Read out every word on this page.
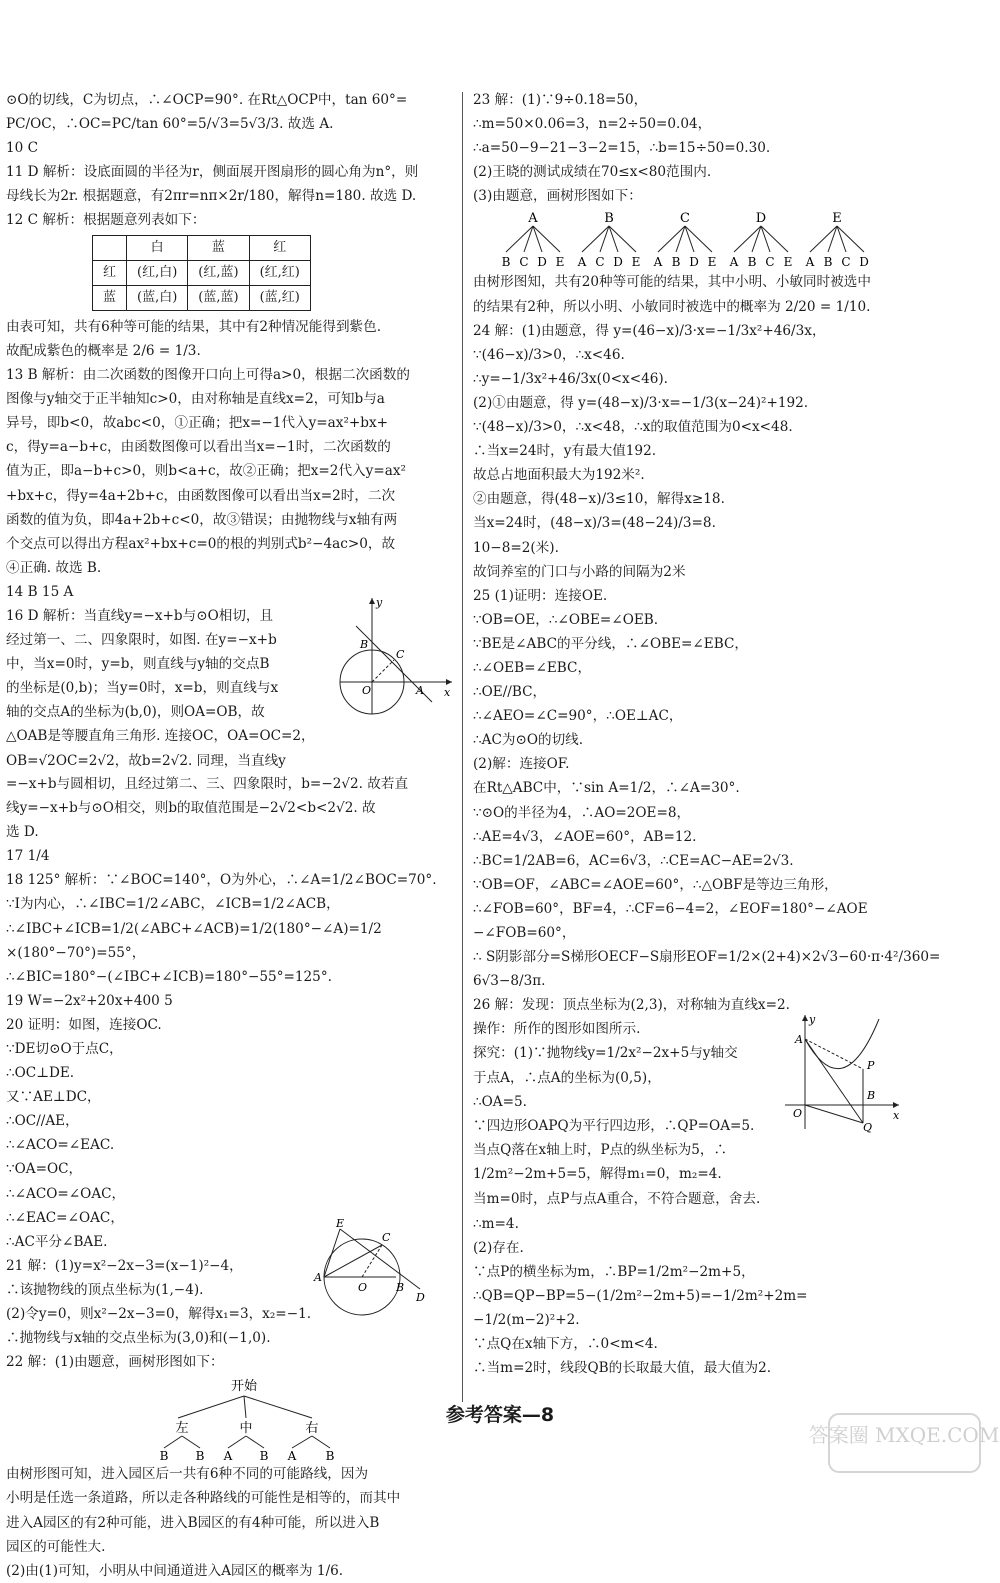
⊙O的切线，C为切点，∴∠OCP=90°. 在Rt△OCP中，tan 60°=
PC/OC，∴OC=PC/tan 60°=5/√3=5√3/3. 故选 A.
10 C
11 D 解析：设底面圆的半径为r，侧面展开图扇形的圆心角为n°，则
母线长为2r. 根据题意，有2πr=nπ×2r/180，解得n=180. 故选 D.
12 C 解析：根据题意列表如下：
	白	蓝	红
红	(红,白)	(红,蓝)	(红,红)
蓝	(蓝,白)	(蓝,蓝)	(蓝,红)
由表可知，共有6种等可能的结果，其中有2种情况能得到紫色.
故配成紫色的概率是 2/6 = 1/3.
13 B 解析：由二次函数的图像开口向上可得a>0，根据二次函数的
图像与y轴交于正半轴知c>0，由对称轴是直线x=2，可知b与a
异号，即b<0，故abc<0，①正确；把x=−1代入y=ax²+bx+
c，得y=a−b+c，由函数图像可以看出当x=−1时，二次函数的
值为正，即a−b+c>0，则b<a+c，故②正确；把x=2代入y=ax²
+bx+c，得y=4a+2b+c，由函数图像可以看出当x=2时，二次
函数的值为负，即4a+2b+c<0，故③错误；由抛物线与x轴有两
个交点可以得出方程ax²+bx+c=0的根的判别式b²−4ac>0，故
④正确. 故选 B.
14 B 15 A
16 D 解析：当直线y=−x+b与⊙O相切，且
经过第一、二、四象限时，如图. 在y=−x+b
中，当x=0时，y=b，则直线与y轴的交点B
的坐标是(0,b)；当y=0时，x=b，则直线与x
轴的交点A的坐标为(b,0)，则OA=OB，故
△OAB是等腰直角三角形. 连接OC，OA=OC=2，
OB=√2OC=2√2，故b=2√2. 同理，当直线y
y
x
B
C
O	A
=−x+b与圆相切，且经过第二、三、四象限时，b=−2√2. 故若直
线y=−x+b与⊙O相交，则b的取值范围是−2√2<b<2√2. 故
选 D.
17 1/4
18 125° 解析：∵∠BOC=140°，O为外心，∴∠A=1/2∠BOC=70°.
∵I为内心，∴∠IBC=1/2∠ABC，∠ICB=1/2∠ACB，
∴∠IBC+∠ICB=1/2(∠ABC+∠ACB)=1/2(180°−∠A)=1/2
×(180°−70°)=55°，
∴∠BIC=180°−(∠IBC+∠ICB)=180°−55°=125°.
19 W=−2x²+20x+400 5
20 证明：如图，连接OC.
∵DE切⊙O于点C，
∴OC⊥DE.
又∵AE⊥DC，
∴OC//AE，
∴∠ACO=∠EAC.
∵OA=OC，
∴∠ACO=∠OAC，
∴∠EAC=∠OAC，
∴AC平分∠BAE.
21 解：(1)y=x²−2x−3=(x−1)²−4，
∴该抛物线的顶点坐标为(1,−4).
(2)令y=0，则x²−2x−3=0，解得x₁=3，x₂=−1.
∴抛物线与x轴的交点坐标为(3,0)和(−1,0).
22 解：(1)由题意，画树形图如下：
E
C
A
O	B
D
开始
左	中	右
B B A B A B
由树形图可知，进入园区后一共有6种不同的可能路线，因为
小明是任选一条道路，所以走各种路线的可能性是相等的，而其中
进入A园区的有2种可能，进入B园区的有4种可能，所以进入B
园区的可能性大.
(2)由(1)可知，小明从中间通道进入A园区的概率为 1/6.
23 解：(1)∵9÷0.18=50，
∴m=50×0.06=3，n=2÷50=0.04，
∴a=50−9−21−3−2=15，∴b=15÷50=0.30.
(2)王晓的测试成绩在70≤x<80范围内.
(3)由题意，画树形图如下：
A
B C D E
B
A C D E
C
A B D E
D
A B C E
E
A B C D
由树形图知，共有20种等可能的结果，其中小明、小敏同时被选中
的结果有2种，所以小明、小敏同时被选中的概率为 2/20 = 1/10.
24 解：(1)由题意，得 y=(46−x)/3·x=−1/3x²+46/3x，
∵(46−x)/3>0，∴x<46.
∴y=−1/3x²+46/3x(0<x<46).
(2)①由题意，得 y=(48−x)/3·x=−1/3(x−24)²+192.
∵(48−x)/3>0，∴x<48，∴x的取值范围为0<x<48.
∴当x=24时，y有最大值192.
故总占地面积最大为192米².
②由题意，得(48−x)/3≤10，解得x≥18.
当x=24时，(48−x)/3=(48−24)/3=8.
10−8=2(米).
故饲养室的门口与小路的间隔为2米
25 (1)证明：连接OE.
∵OB=OE，∴∠OBE=∠OEB.
∵BE是∠ABC的平分线，∴∠OBE=∠EBC，
∴∠OEB=∠EBC，
∴OE//BC，
∴∠AEO=∠C=90°，∴OE⊥AC，
∴AC为⊙O的切线.
(2)解：连接OF.
在Rt△ABC中，∵sin A=1/2，∴∠A=30°.
∵⊙O的半径为4，∴AO=2OE=8，
∴AE=4√3，∠AOE=60°，AB=12.
∴BC=1/2AB=6，AC=6√3，∴CE=AC−AE=2√3.
∵OB=OF，∠ABC=∠AOE=60°，∴△OBF是等边三角形，
∴∠FOB=60°，BF=4，∴CF=6−4=2，∠EOF=180°−∠AOE
−∠FOB=60°，
∴ S阴影部分=S梯形OECF−S扇形EOF=1/2×(2+4)×2√3−60·π·4²/360=
6√3−8/3π.
26 解：发现：顶点坐标为(2,3)，对称轴为直线x=2.
操作：所作的图形如图所示.
探究：(1)∵抛物线y=1/2x²−2x+5与y轴交
于点A，∴点A的坐标为(0,5)，
∴OA=5.
∵四边形OAPQ为平行四边形，∴QP=OA=5.
当点Q落在x轴上时，P点的纵坐标为5，∴
1/2m²−2m+5=5，解得m₁=0，m₂=4.
y
A
P
B
O	x
Q
当m=0时，点P与点A重合，不符合题意，舍去.
∴m=4.
(2)存在.
∵点P的横坐标为m，∴BP=1/2m²−2m+5，
∴QB=QP−BP=5−(1/2m²−2m+5)=−1/2m²+2m=
−1/2(m−2)²+2.
∵点Q在x轴下方，∴0<m<4.
∴当m=2时，线段QB的长取最大值，最大值为2.
参考答案—8
答案圈 MXQE.COM
